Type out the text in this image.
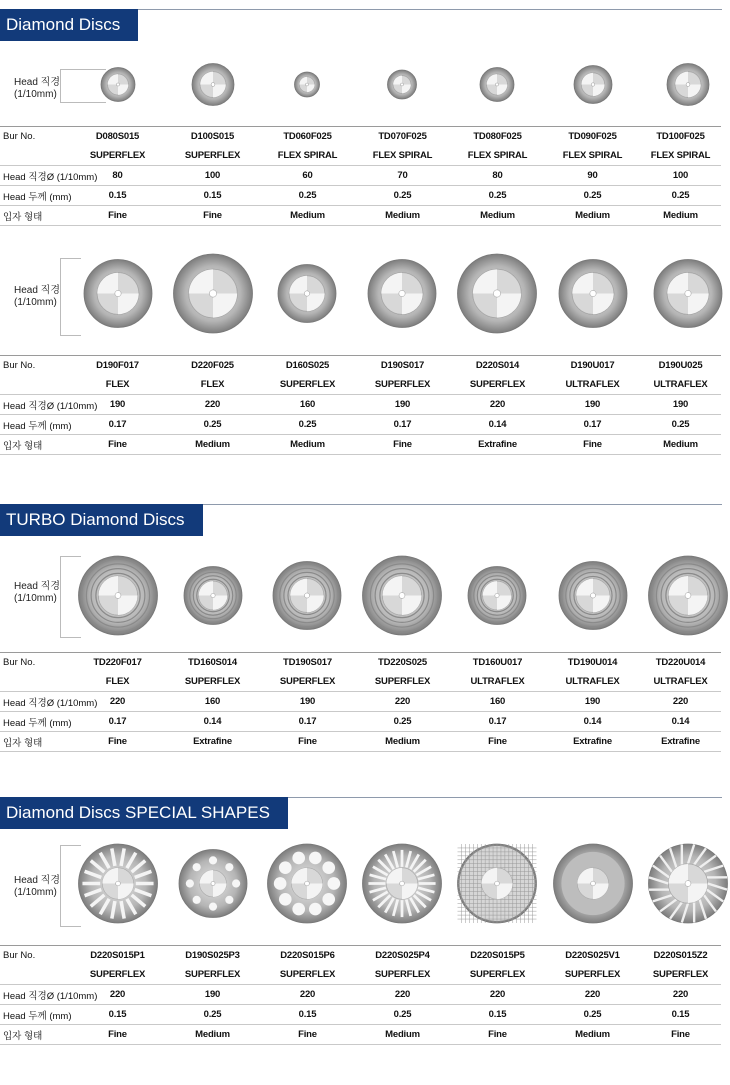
Diamond Discs
Head 직경
(1/10mm)
Bur No.	D080S015	D100S015	TD060F025	TD070F025	TD080F025	TD090F025	TD100F025	
	SUPERFLEX	SUPERFLEX	FLEX SPIRAL	FLEX SPIRAL	FLEX SPIRAL	FLEX SPIRAL	FLEX SPIRAL	
Head 직경Ø (1/10mm)	80	100	60	70	80	90	100	
Head 두께 (mm)	0.15	0.15	0.25	0.25	0.25	0.25	0.25	
입자 형태	Fine	Fine	Medium	Medium	Medium	Medium	Medium	
Head 직경
(1/10mm)
Bur No.	D190F017	D220F025	D160S025	D190S017	D220S014	D190U017	D190U025	
	FLEX	FLEX	SUPERFLEX	SUPERFLEX	SUPERFLEX	ULTRAFLEX	ULTRAFLEX	
Head 직경Ø (1/10mm)	190	220	160	190	220	190	190	
Head 두께 (mm)	0.17	0.25	0.25	0.17	0.14	0.17	0.25	
입자 형태	Fine	Medium	Medium	Fine	Extrafine	Fine	Medium	
TURBO Diamond Discs
Head 직경
(1/10mm)
Bur No.	TD220F017	TD160S014	TD190S017	TD220S025	TD160U017	TD190U014	TD220U014	
	FLEX	SUPERFLEX	SUPERFLEX	SUPERFLEX	ULTRAFLEX	ULTRAFLEX	ULTRAFLEX	
Head 직경Ø (1/10mm)	220	160	190	220	160	190	220	
Head 두께 (mm)	0.17	0.14	0.17	0.25	0.17	0.14	0.14	
입자 형태	Fine	Extrafine	Fine	Medium	Fine	Extrafine	Extrafine	
Diamond Discs SPECIAL SHAPES
Head 직경
(1/10mm)
Bur No.	D220S015P1	D190S025P3	D220S015P6	D220S025P4	D220S015P5	D220S025V1	D220S015Z2	
	SUPERFLEX	SUPERFLEX	SUPERFLEX	SUPERFLEX	SUPERFLEX	SUPERFLEX	SUPERFLEX	
Head 직경Ø (1/10mm)	220	190	220	220	220	220	220	
Head 두께 (mm)	0.15	0.25	0.15	0.25	0.15	0.25	0.15	
입자 형태	Fine	Medium	Fine	Medium	Fine	Medium	Fine	
